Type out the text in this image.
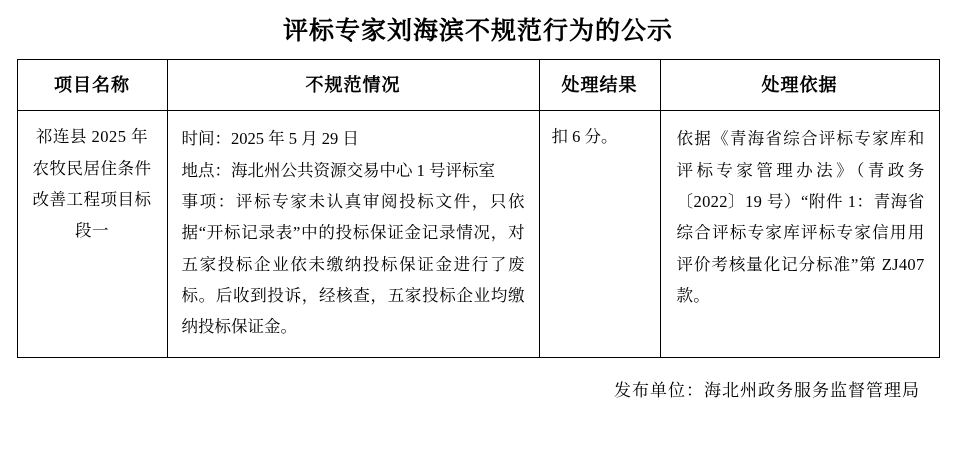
评标专家刘海滨不规范行为的公示
项目名称	不规范情况	处理结果	处理依据
祁连县 2025 年农牧民居住条件改善工程项目标段一	时间：2025 年 5 月 29 日
地点：海北州公共资源交易中心 1 号评标室
事项：评标专家未认真审阅投标文件，只依据“开标记录表”中的投标保证金记录情况，对五家投标企业依未缴纳投标保证金进行了废标。后收到投诉，经核查，五家投标企业均缴纳投标保证金。	扣 6 分。	依据《青海省综合评标专家库和评标专家管理办法》（青政务〔2022〕19 号）“附件 1：青海省综合评标专家库评标专家信用用评价考核量化记分标准”第 ZJ407 款。
发布单位：海北州政务服务监督管理局
